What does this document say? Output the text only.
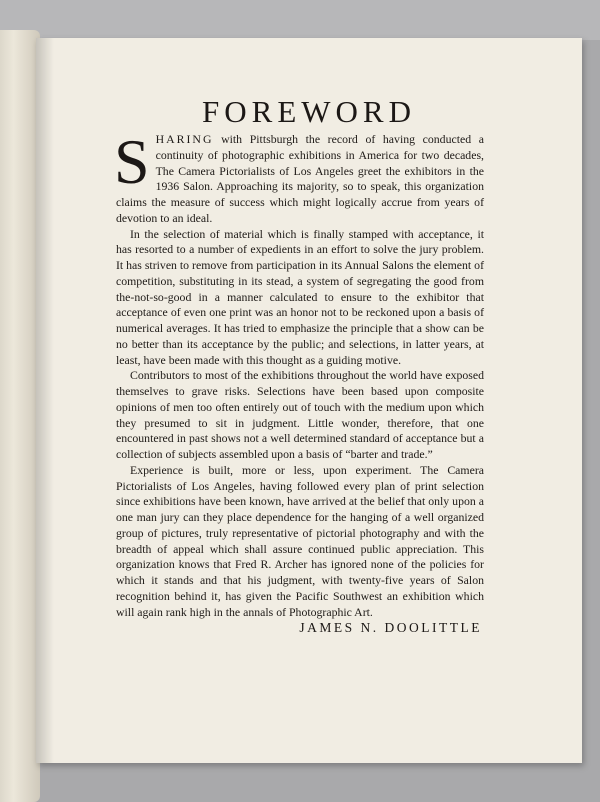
FOREWORD

SHARING with Pittsburgh the record of having conducted a continuity of photographic exhibitions in America for two decades, The Camera Pictorialists of Los Angeles greet the exhibitors in the 1936 Salon. Approaching its majority, so to speak, this organization claims the measure of success which might logically accrue from years of devotion to an ideal.

In the selection of material which is finally stamped with acceptance, it has resorted to a number of expedients in an effort to solve the jury problem. It has striven to remove from participation in its Annual Salons the element of competition, substituting in its stead, a system of segregating the good from the-not-so-good in a manner calculated to ensure to the exhibitor that acceptance of even one print was an honor not to be reckoned upon a basis of numerical averages. It has tried to emphasize the principle that a show can be no better than its acceptance by the public; and selections, in latter years, at least, have been made with this thought as a guiding motive.

Contributors to most of the exhibitions throughout the world have exposed themselves to grave risks. Selections have been based upon composite opinions of men too often entirely out of touch with the medium upon which they presumed to sit in judgment. Little wonder, therefore, that one encountered in past shows not a well determined standard of acceptance but a collection of subjects assembled upon a basis of “barter and trade.”

Experience is built, more or less, upon experiment. The Camera Pictorialists of Los Angeles, having followed every plan of print selection since exhibitions have been known, have arrived at the belief that only upon a one man jury can they place dependence for the hanging of a well organized group of pictures, truly representative of pictorial photography and with the breadth of appeal which shall assure continued public appreciation. This organization knows that Fred R. Archer has ignored none of the policies for which it stands and that his judgment, with twenty-five years of Salon recognition behind it, has given the Pacific Southwest an exhibition which will again rank high in the annals of Photographic Art.

JAMES N. DOOLITTLE
